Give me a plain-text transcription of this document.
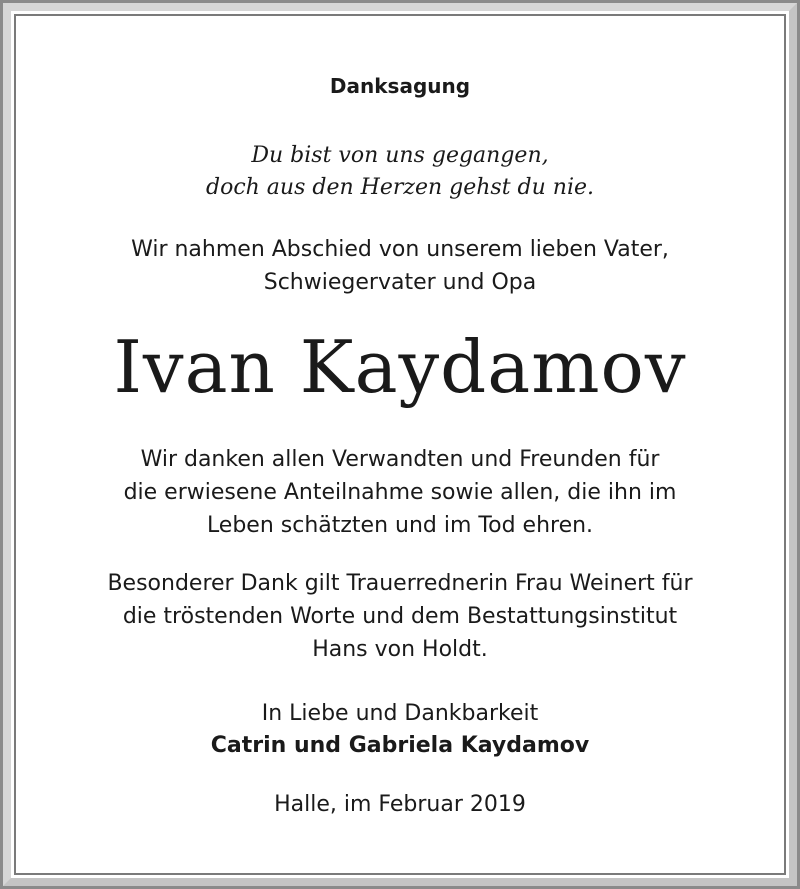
Danksagung
Du bist von uns gegangen,
doch aus den Herzen gehst du nie.
Wir nahmen Abschied von unserem lieben Vater,
Schwiegervater und Opa
Ivan Kaydamov
Wir danken allen Verwandten und Freunden für
die erwiesene Anteilnahme sowie allen, die ihn im
Leben schätzten und im Tod ehren.
Besonderer Dank gilt Trauerrednerin Frau Weinert für
die tröstenden Worte und dem Bestattungsinstitut
Hans von Holdt.
In Liebe und Dankbarkeit
Catrin und Gabriela Kaydamov
Halle, im Februar 2019
